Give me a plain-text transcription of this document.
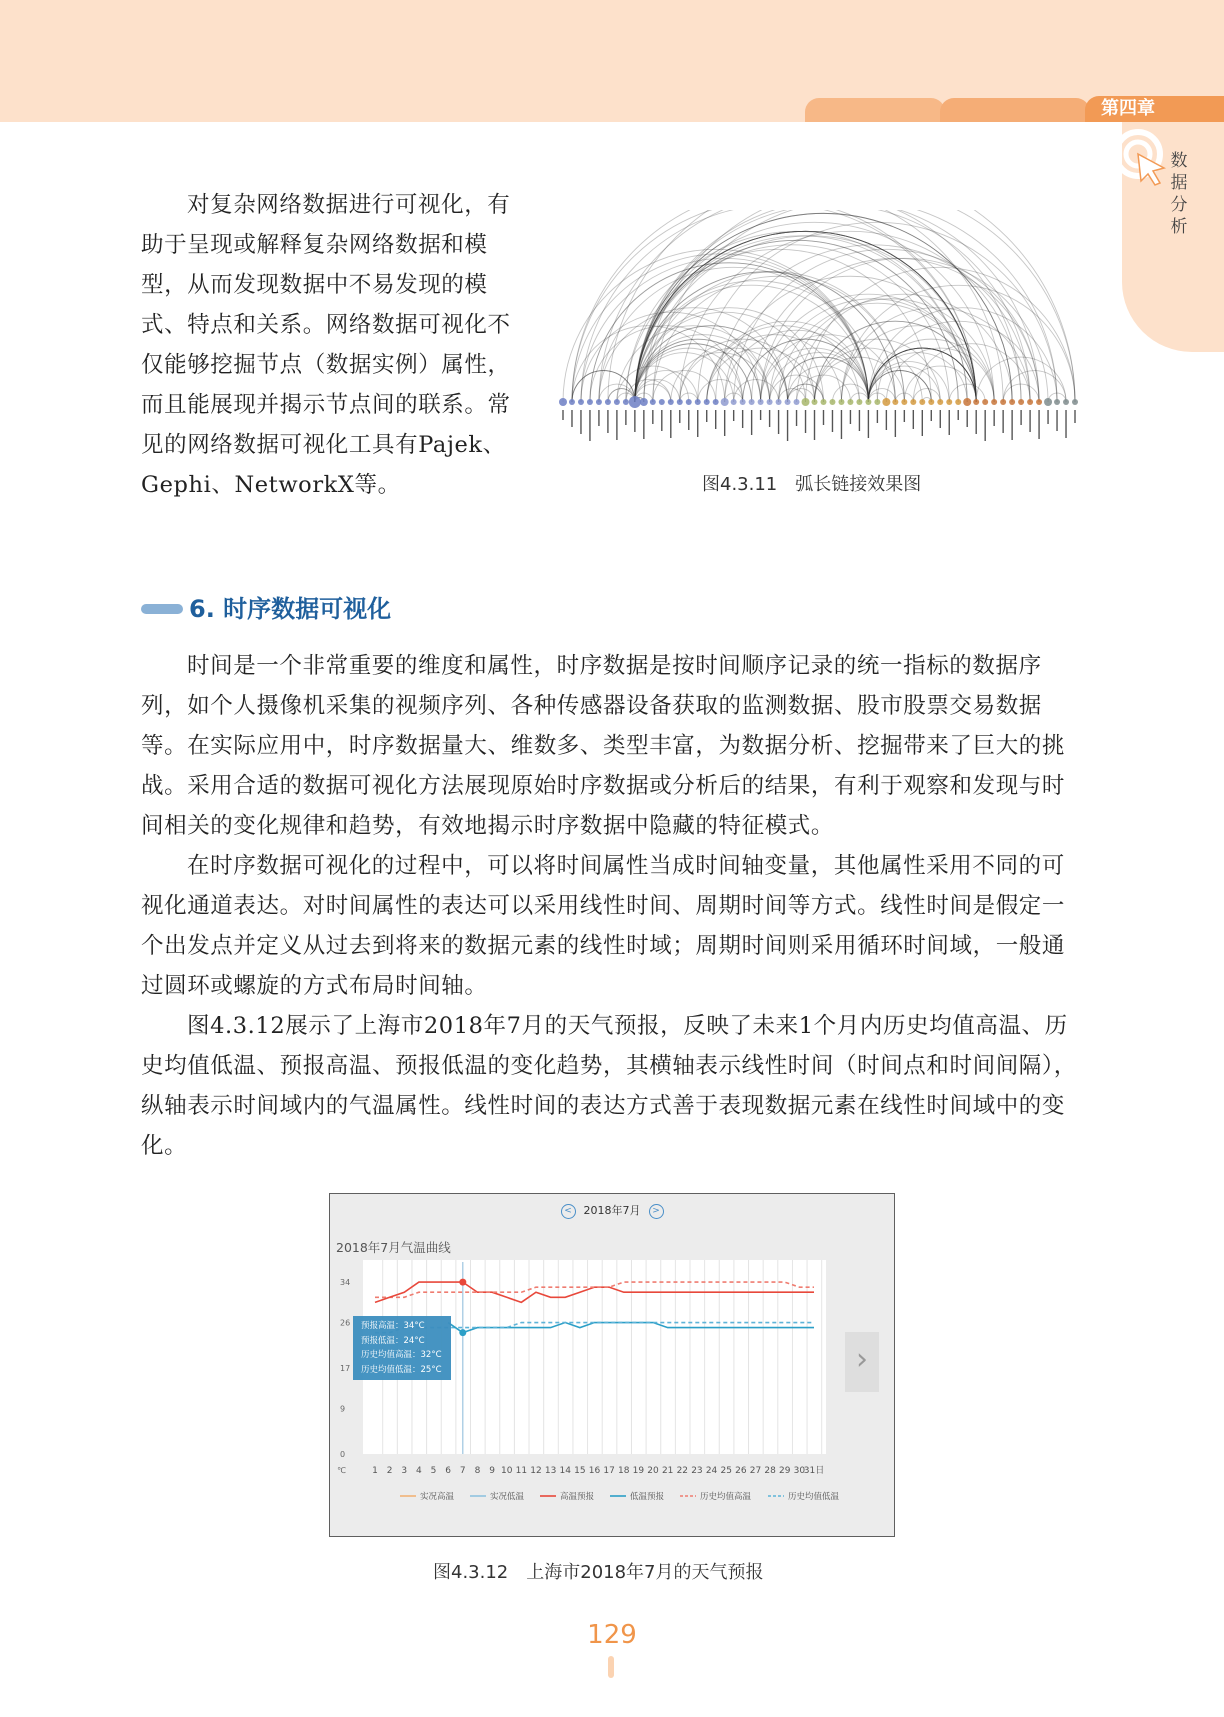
第四章
数据分析
对复杂网络数据进行可视化，有助于呈现或解释复杂网络数据和模型，从而发现数据中不易发现的模式、特点和关系。网络数据可视化不仅能够挖掘节点（数据实例）属性，而且能展现并揭示节点间的联系。常见的网络数据可视化工具有Pajek、Gephi、NetworkX等。	图4.3.11　弧长链接效果图
6. 时序数据可视化
时间是一个非常重要的维度和属性，时序数据是按时间顺序记录的统一指标的数据序列，如个人摄像机采集的视频序列、各种传感器设备获取的监测数据、股市股票交易数据等。在实际应用中，时序数据量大、维数多、类型丰富，为数据分析、挖掘带来了巨大的挑战。采用合适的数据可视化方法展现原始时序数据或分析后的结果，有利于观察和发现与时间相关的变化规律和趋势，有效地揭示时序数据中隐藏的特征模式。
在时序数据可视化的过程中，可以将时间属性当成时间轴变量，其他属性采用不同的可视化通道表达。对时间属性的表达可以采用线性时间、周期时间等方式。线性时间是假定一个出发点并定义从过去到将来的数据元素的线性时域；周期时间则采用循环时间域，一般通过圆环或螺旋的方式布局时间轴。
图4.3.12展示了上海市2018年7月的天气预报，反映了未来1个月内历史均值高温、历史均值低温、预报高温、预报低温的变化趋势，其横轴表示线性时间（时间点和时间间隔），纵轴表示时间域内的气温属性。线性时间的表达方式善于表现数据元素在线性时间域中的变化。
< 2018年7月 >
2018年7月气温曲线
0
9
17
26
34
1 2 3 4 5 6 7 8 9 10 11 12 13 14 15 16 17 18 19 20 21 22 23 24 25 26 27 28 29 30
31日
℃
实况高温	实况低温	高温预报	低温预报	历史均值高温	历史均值低温
预报高温：34°C
预报低温：24°C
历史均值高温：32°C
历史均值低温：25°C	›
图4.3.12　上海市2018年7月的天气预报
129
